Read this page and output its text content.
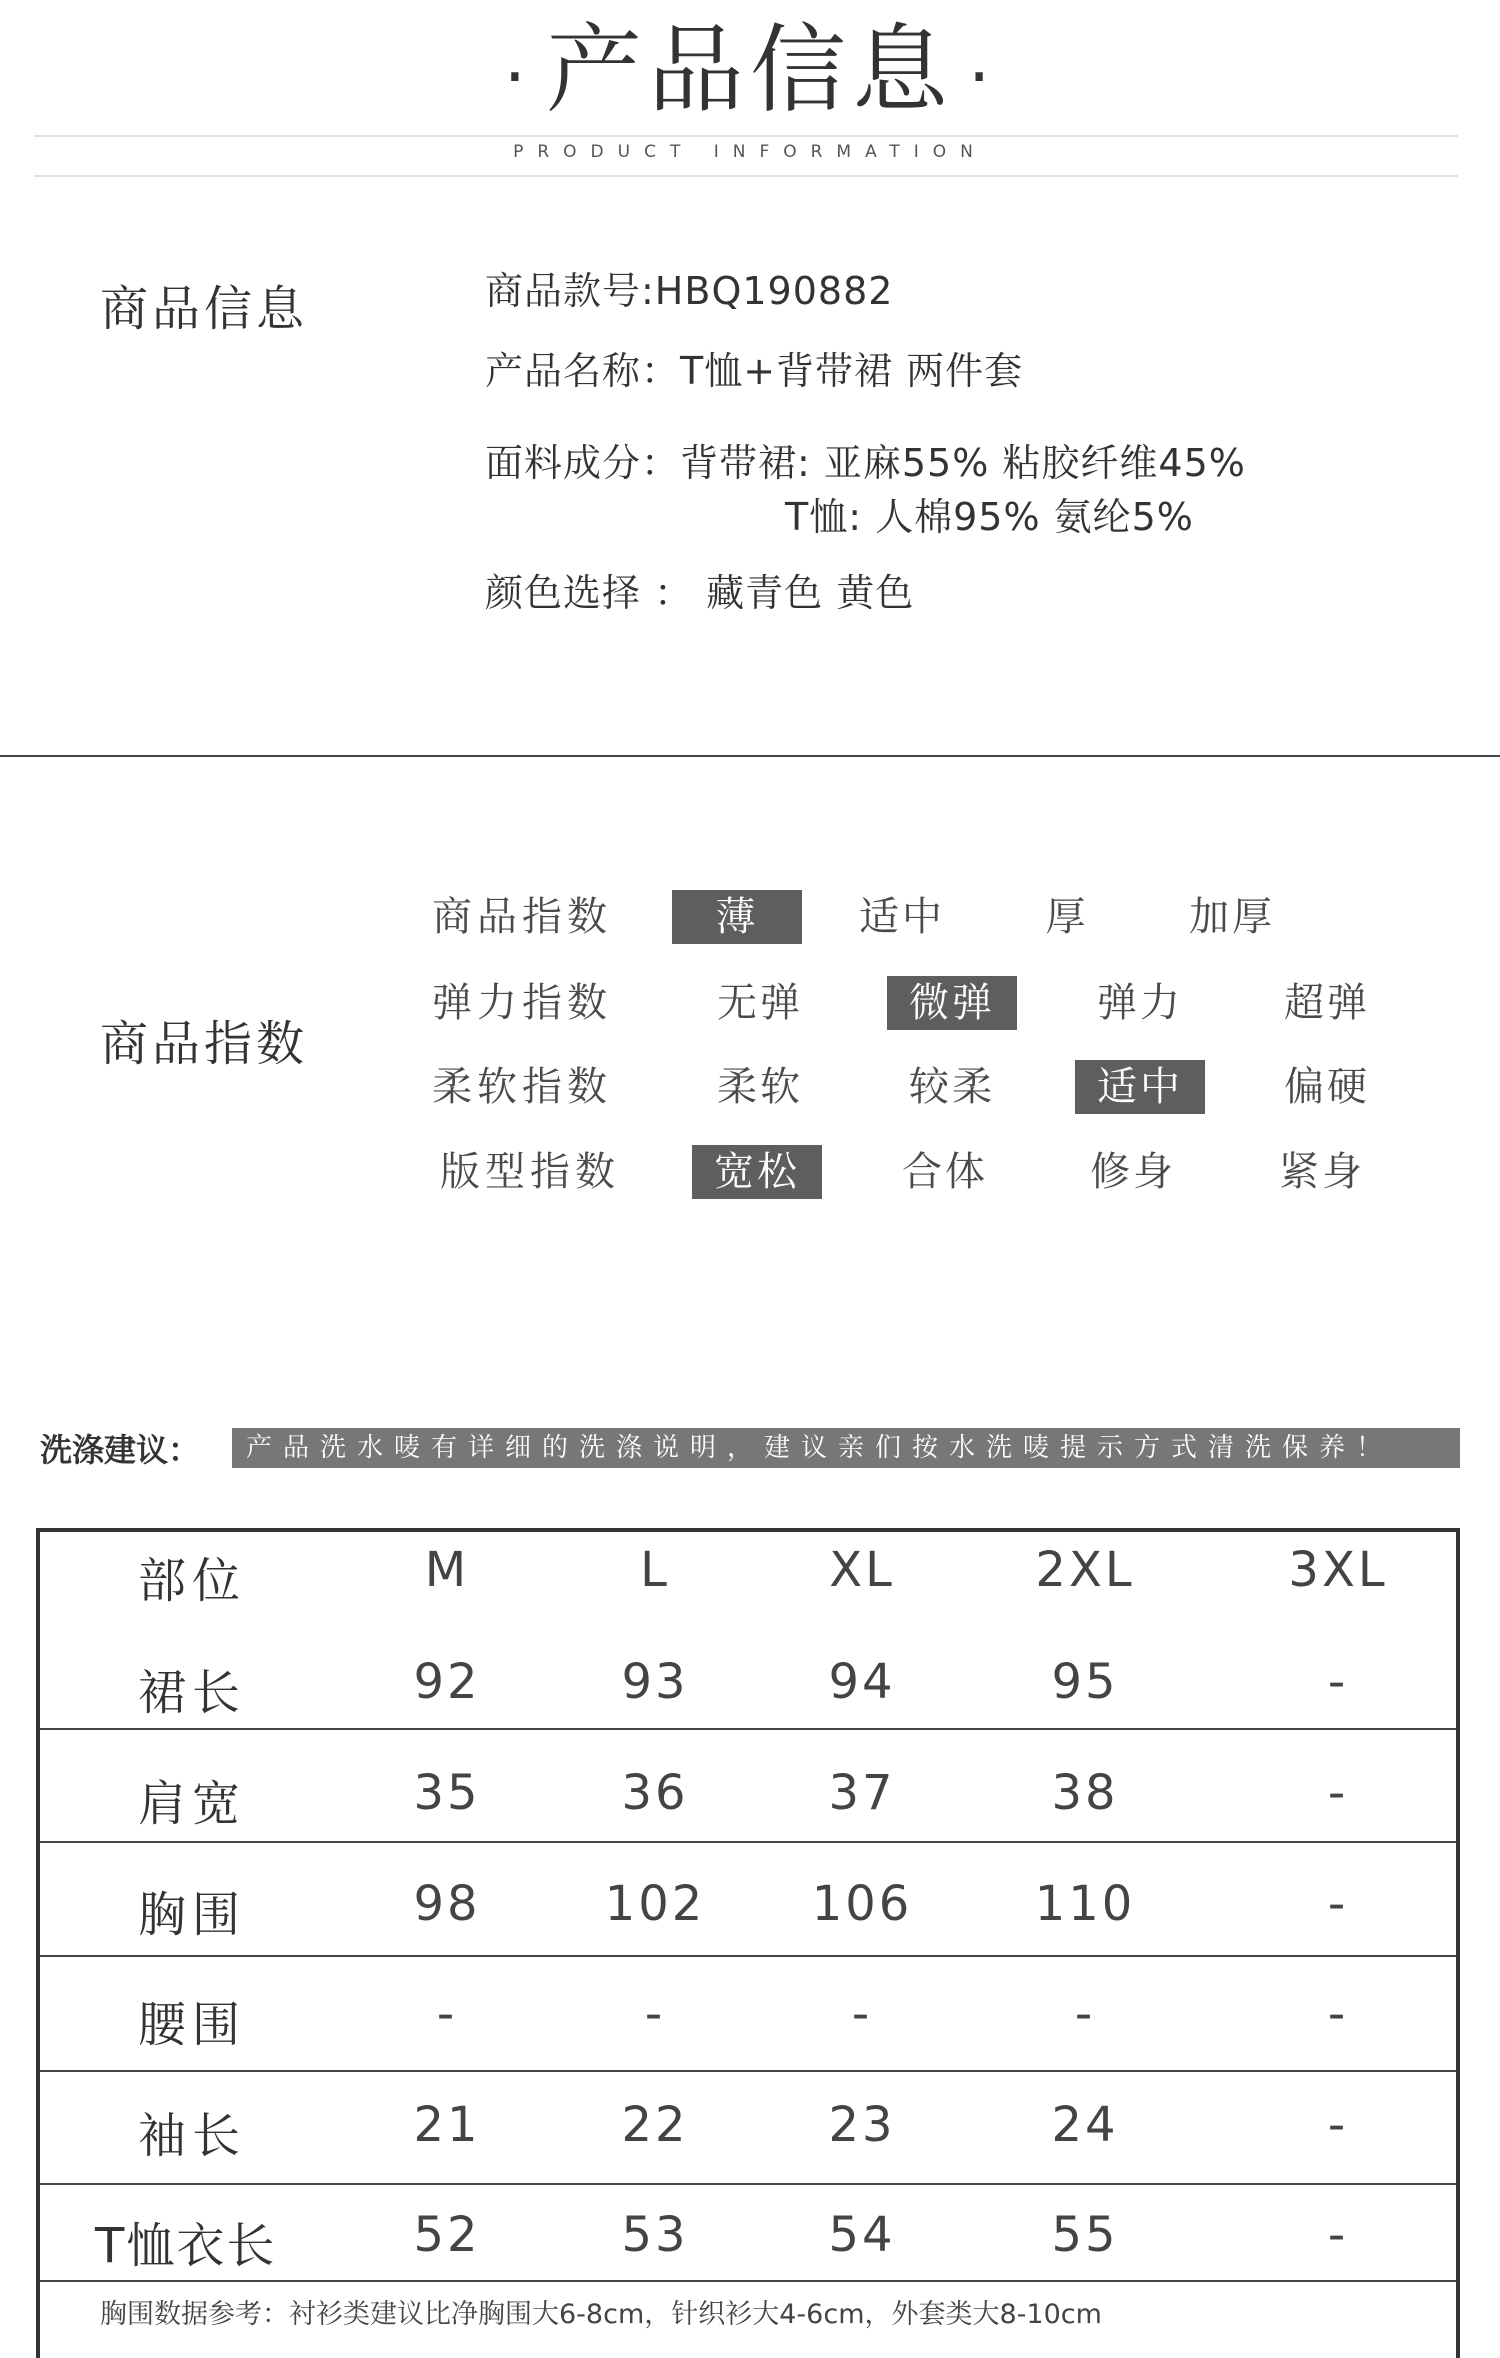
· 产品信息 ·
PRODUCT INFORMATION
商品信息	商品款号:HBQ190882
产品名称：T恤+背带裙 两件套
面料成分：背带裙: 亚麻55% 粘胶纤维45%
T恤: 人棉95% 氨纶5%
颜色选择 ： 藏青色 黄色
商品指数
商品指数	薄	适中	厚	加厚
弹力指数	无弹	微弹	弹力	超弹
柔软指数	柔软	较柔	适中	偏硬
版型指数	宽松	合体	修身	紧身
洗涤建议：	产品洗水唛有详细的洗涤说明，建议亲们按水洗唛提示方式清洗保养！
部位	M	L	XL	2XL	3XL
裙长	92	93	94	95	-
肩宽	35	36	37	38	-
胸围	98	102	106	110	-
腰围	-	-	-	-	-
袖长	21	22	23	24	-
T恤衣长	52	53	54	55	-
胸围数据参考：衬衫类建议比净胸围大6-8cm，针织衫大4-6cm，外套类大8-10cm
